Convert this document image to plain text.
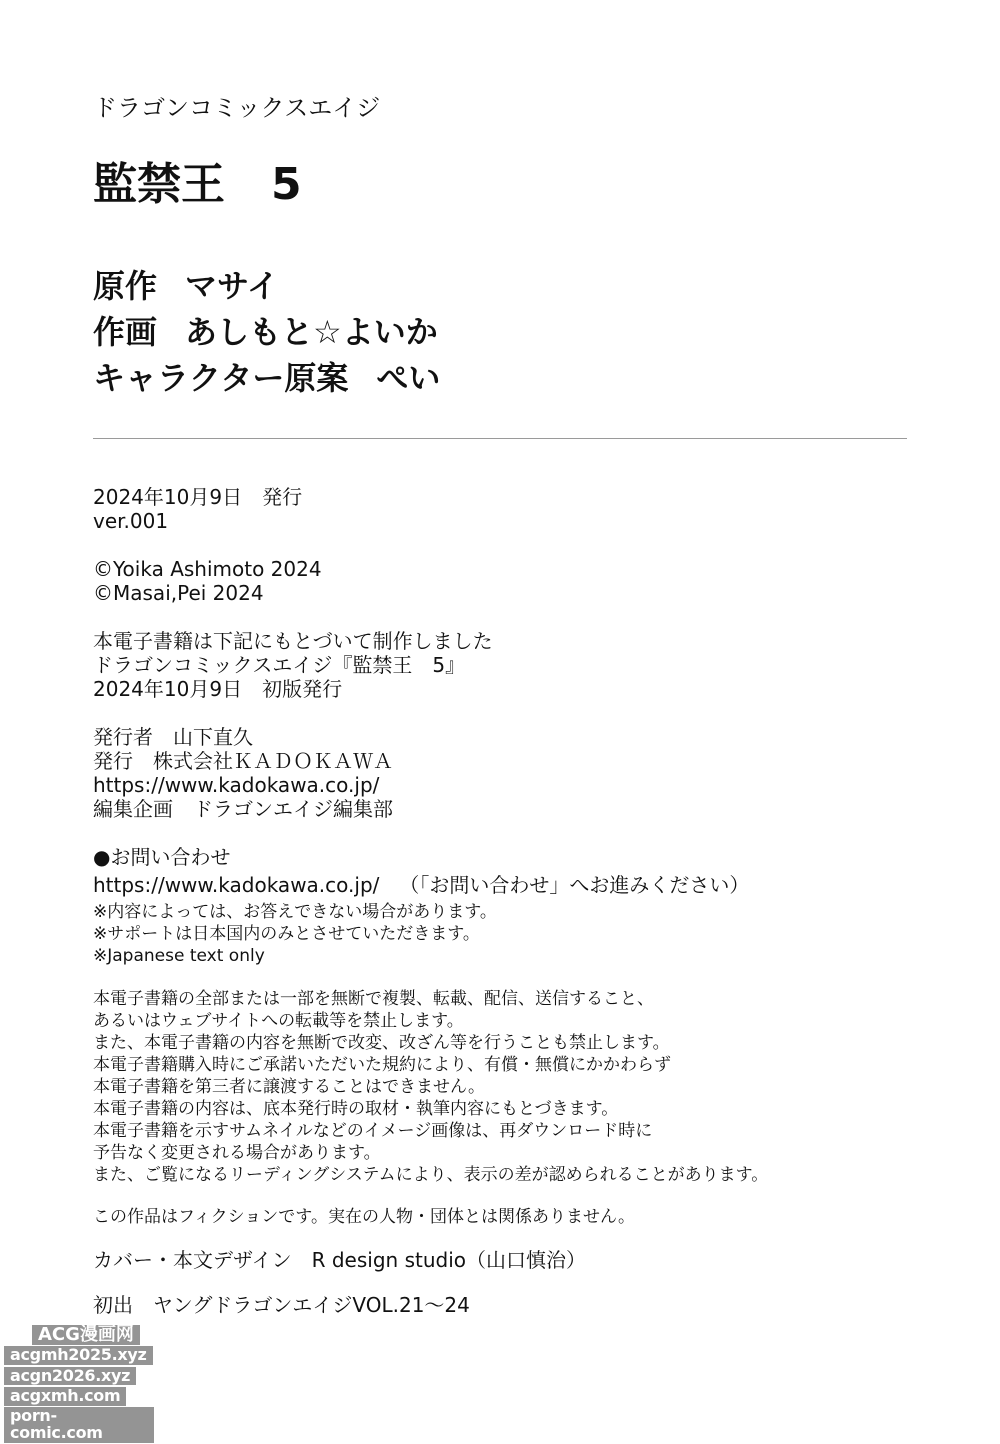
ドラゴンコミックスエイジ
監禁王 5
原作 マサイ
作画 あしもと☆よいか
キャラクター原案 ぺい
2024年10月9日 発行
ver.001
©Yoika Ashimoto 2024
©Masai,Pei 2024
本電子書籍は下記にもとづいて制作しました
ドラゴンコミックスエイジ『監禁王　5』
2024年10月9日　初版発行
発行者 山下直久
発行 株式会社ＫＡＤＯＫＡＷＡ
https://www.kadokawa.co.jp/
編集企画 ドラゴンエイジ編集部
●お問い合わせ
https://www.kadokawa.co.jp/ （「お問い合わせ」へお進みください）
※内容によっては、お答えできない場合があります。
※サポートは日本国内のみとさせていただきます。
※Japanese text only
本電子書籍の全部または一部を無断で複製、転載、配信、送信すること、
あるいはウェブサイトへの転載等を禁止します。
また、本電子書籍の内容を無断で改変、改ざん等を行うことも禁止します。
本電子書籍購入時にご承諾いただいた規約により、有償・無償にかかわらず
本電子書籍を第三者に譲渡することはできません。
本電子書籍の内容は、底本発行時の取材・執筆内容にもとづきます。
本電子書籍を示すサムネイルなどのイメージ画像は、再ダウンロード時に
予告なく変更される場合があります。
また、ご覧になるリーディングシステムにより、表示の差が認められることがあります。
この作品はフィクションです。実在の人物・団体とは関係ありません。
カバー・本文デザイン R design studio（山口慎治）
初出 ヤングドラゴンエイジVOL.21～24
ACG漫画网
acgmh2025.xyz
acgn2026.xyz
acgxmh.com
porn-comic.com
